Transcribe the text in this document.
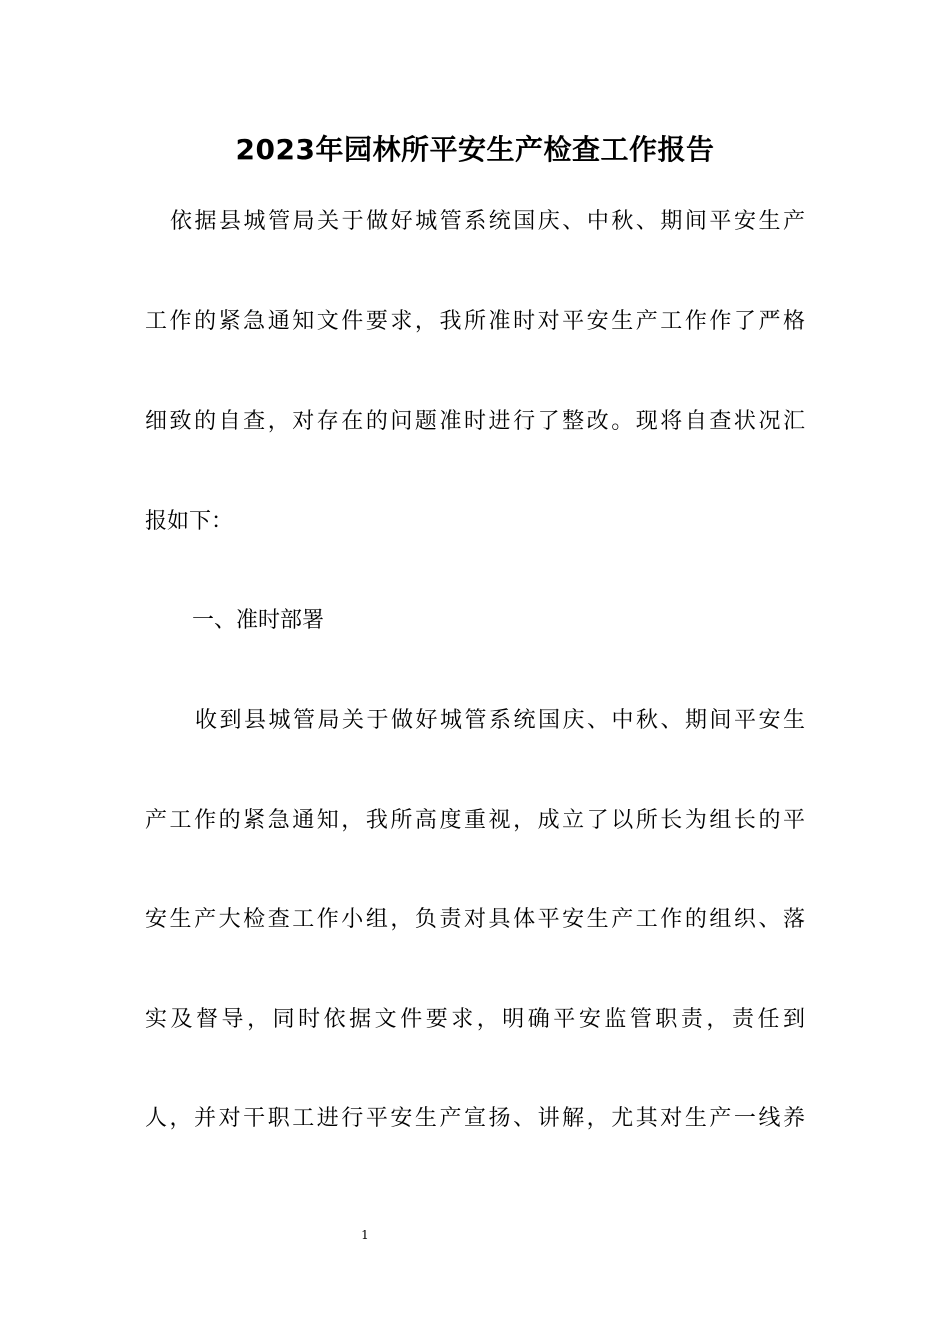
2023年园林所平安生产检查工作报告
依据县城管局关于做好城管系统国庆、中秋、期间平安生产
工作的紧急通知文件要求，我所准时对平安生产工作作了严格
细致的自查，对存在的问题准时进行了整改。现将自查状况汇
报如下：
一、准时部署
收到县城管局关于做好城管系统国庆、中秋、期间平安生
产工作的紧急通知，我所高度重视，成立了以所长为组长的平
安生产大检查工作小组，负责对具体平安生产工作的组织、落
实及督导，同时依据文件要求，明确平安监管职责，责任到
人，并对干职工进行平安生产宣扬、讲解，尤其对生产一线养
1
